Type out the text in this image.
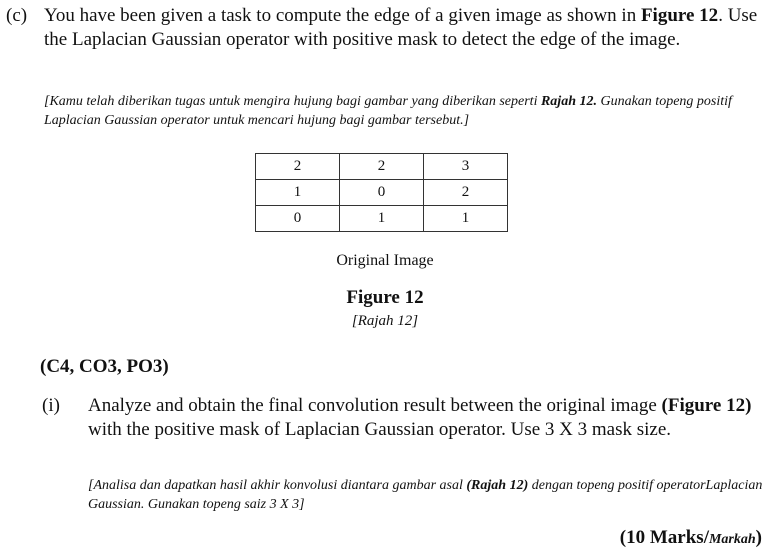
(c) You have been given a task to compute the edge of a given image as shown in Figure 12. Use the Laplacian Gaussian operator with positive mask to detect the edge of the image.
[Kamu telah diberikan tugas untuk mengira hujung bagi gambar yang diberikan seperti Rajah 12. Gunakan topeng positif Laplacian Gaussian operator untuk mencari hujung bagi gambar tersebut.]
2	2	3
1	0	2
0	1	1
Original Image
Figure 12
[Rajah 12]
(C4, CO3, PO3)
(i) Analyze and obtain the final convolution result between the original image (Figure 12) with the positive mask of Laplacian Gaussian operator. Use 3 X 3 mask size.
[Analisa dan dapatkan hasil akhir konvolusi diantara gambar asal (Rajah 12) dengan topeng positif operatorLaplacian Gaussian. Gunakan topeng saiz 3 X 3]
(10 Marks/Markah)
